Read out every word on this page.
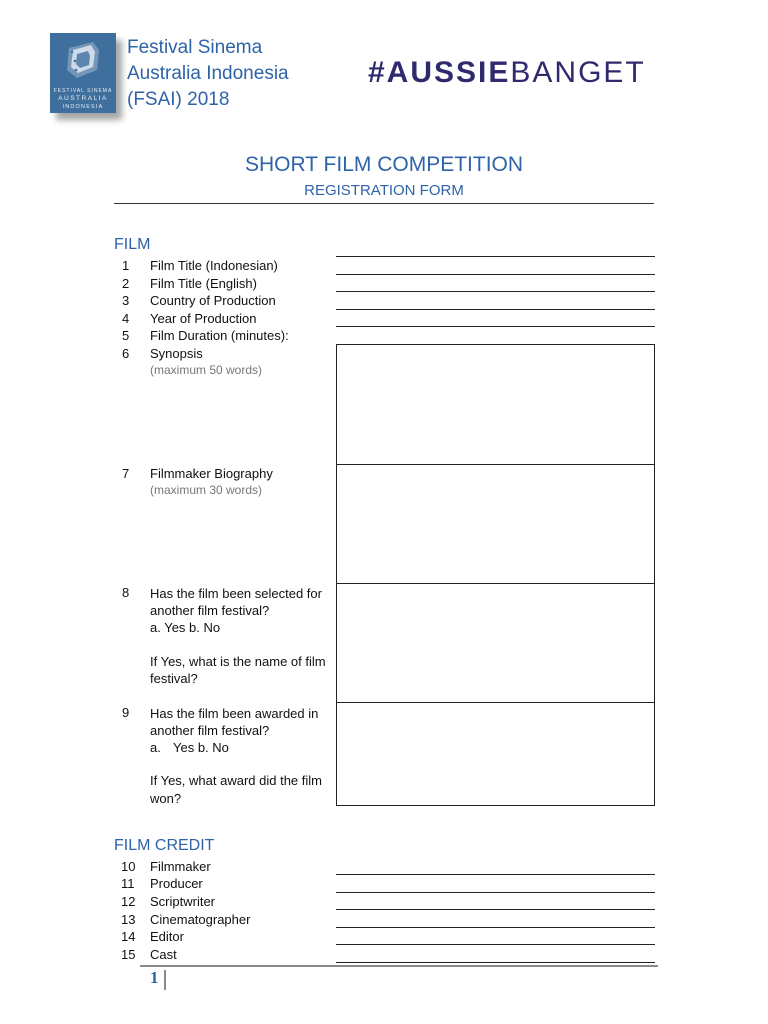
FESTIVAL SINEMA
AUSTRALIA
INDONESIA
Festival Sinema
Australia Indonesia
(FSAI) 2018
#AUSSIEBANGET
SHORT FILM COMPETITION
REGISTRATION FORM
FILM
1 Film Title (Indonesian)
2 Film Title (English)
3 Country of Production
4 Year of Production
5 Film Duration (minutes):
6 Synopsis
(maximum 50 words)
7 Filmmaker Biography
(maximum 30 words)
8 Has the film been selected for
another film festival?
a. Yes b. No
If Yes, what is the name of film
festival?
9 Has the film been awarded in
another film festival?
a. Yes b. No
If Yes, what award did the film
won?
FILM CREDIT
10 Filmmaker
11 Producer
12 Scriptwriter
13 Cinematographer
14 Editor
15 Cast
1
